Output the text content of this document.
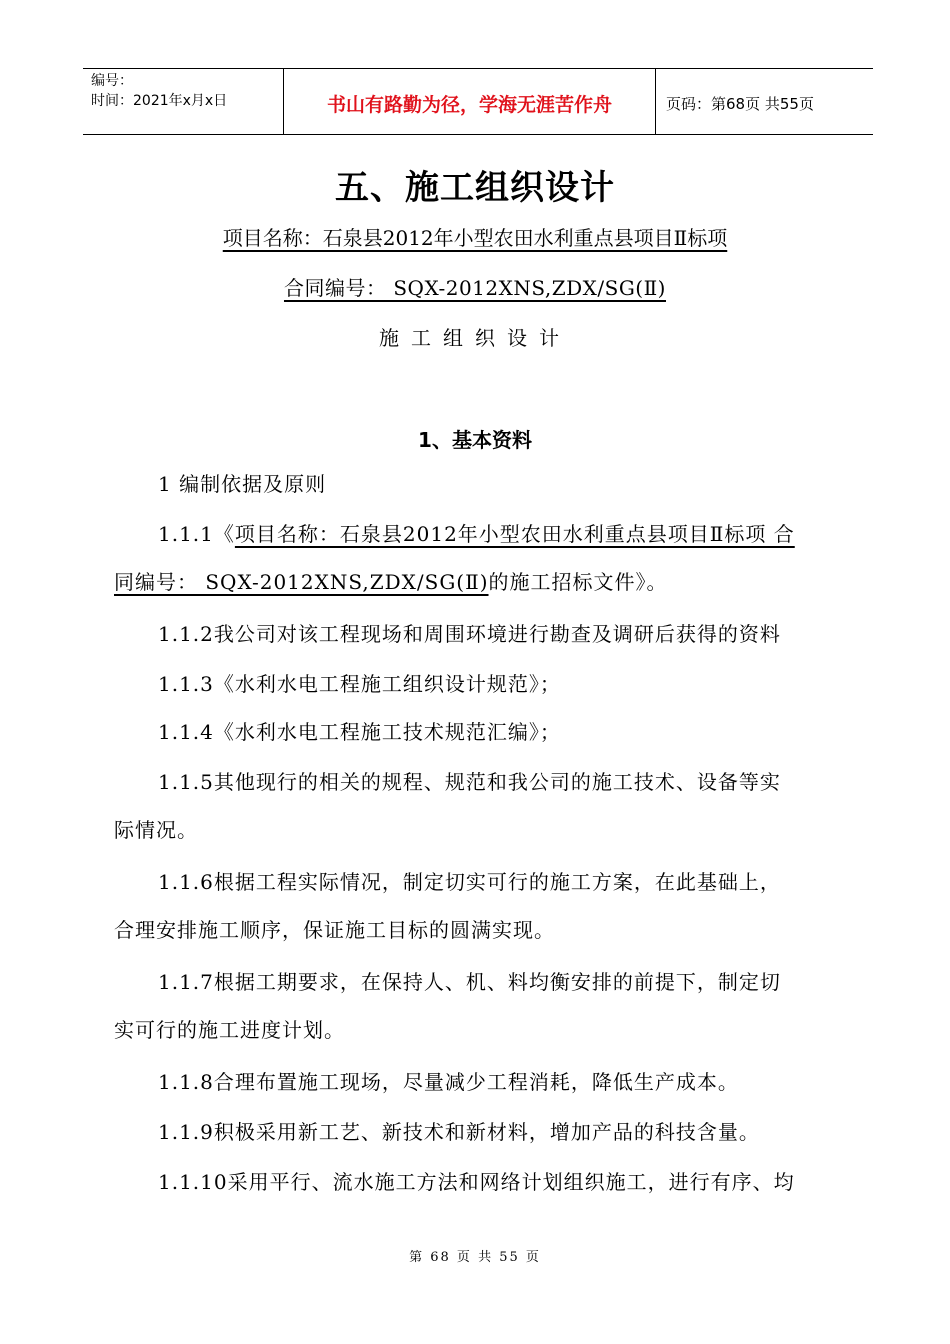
编号：
时间：2021年x月x日	书山有路勤为径，学海无涯苦作舟	页码：第68页 共55页
五、施工组织设计
项目名称：石泉县2012年小型农田水利重点县项目Ⅱ标项
合同编号： SQX-2012XNS,ZDX/SG(Ⅱ)
施工组织设计
1、基本资料

1 编制依据及原则

1.1.1《项目名称：石泉县2012年小型农田水利重点县项目Ⅱ标项 合
同编号： SQX-2012XNS,ZDX/SG(Ⅱ)的施工招标文件》。

1.1.2我公司对该工程现场和周围环境进行勘查及调研后获得的资料

1.1.3《水利水电工程施工组织设计规范》；

1.1.4《水利水电工程施工技术规范汇编》；

1.1.5其他现行的相关的规程、规范和我公司的施工技术、设备等实
际情况。

1.1.6根据工程实际情况，制定切实可行的施工方案，在此基础上，
合理安排施工顺序，保证施工目标的圆满实现。

1.1.7根据工期要求，在保持人、机、料均衡安排的前提下，制定切
实可行的施工进度计划。

1.1.8合理布置施工现场，尽量减少工程消耗，降低生产成本。

1.1.9积极采用新工艺、新技术和新材料，增加产品的科技含量。

1.1.10采用平行、流水施工方法和网络计划组织施工，进行有序、均

第 68 页 共 55 页
